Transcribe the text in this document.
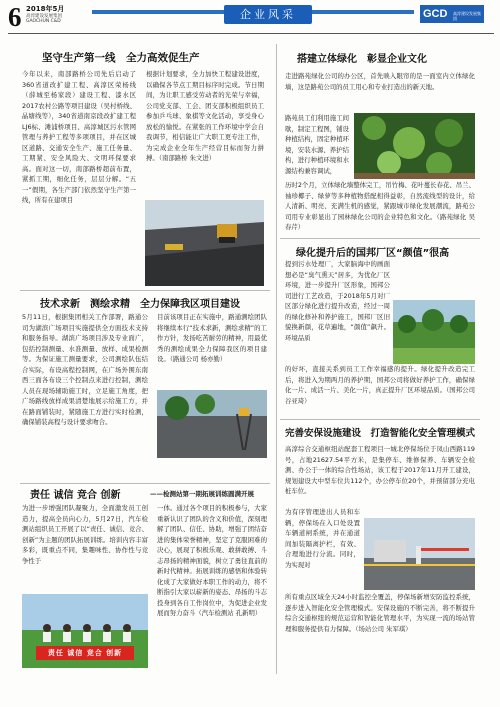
6 2018年5月
高淳建设发展集团
GAOCHUN C&D
企业风采	GCD 高淳建设发展集团
坚守生产第一线　全力高效促生产
今年以来，南部路桥公司先后启动了360省道改扩建工程、高淳区荣杨线（薛城至杨家段）建设工程、漆水区2017农村公路等项目建设（吴村桥线、晶塘线等），340省道南京段改扩建工程LJ6标、滩浦桥项目、高淳城区污水管网管理与养护工程等多项项目，并在区城区道路、交通安全生产、施工任务量、工期紧、安全风险大、文明环保要求高。面对这一切，南部路桥超前布置，紧抓工期，细化任务，层层分解。“五一”假期，各生产部门依然坚守生产第一线，所有在建项目
根据计划要求，全力加快工程建设进度，以确保各节点工期目标序时完成。节日期间，为让职工感受劳动者的光荣与幸福，公司党支部、工会、团支部积极组织员工参加乒乓球、象棋等文化活动，享受身心放松的愉悦。在紧张的工作环境中学会自我调节，相信能让广大职工更专注工作，为完成企业全年生产经营目标而努力拼搏。（南部路桥 朱文进）
搭建立体绿化　彰显企业文化
走进路苑绿化公司的办公区，首先映入眼帘的是一面室内立体绿化墙，这是路苑公司的员工用心和专业打造出的新天地。
路苑员工们利用施工间歇，制定工程图，铺设种植结构，固定种植环境，安装水源、养护结构，进行种植环境和水源结构兼容调试，
历时2个月，立体绿化墙整体完工，吊竹梅、花叶蔓长春花、吊兰、袖珍椰子、绿萝等多种植物搭配相得益彰，自然流线型的设计，给人清新、明亮、充满生机的感觉，紧跟城市绿化发展潮流，路苑公司用专业彰显出了园林绿化公司的企业特色和文化。（路苑绿化 吴春芹）
绿化提升后的国邦厂区“颜值”很高
提到污水处理厂，大家脑海中的画面想必是“臭气熏天”居多，为优化厂区环境，进一步提升厂区形象，国邦公司进行工艺改造，于2018年5月对厂区部分绿化进行提升改造，经过一周的绿化修补和养护施工，国邦厂区旧貌换新颜，花草遍地，“颜值”飙升。环境品质
的好坏，直接关系到员工工作幸福感的提升。绿化提升改造完工后，将进入为期两月的养护期，国邦公司将做好养护工作，确保绿化一片、成活一片、美化一片，真正提升厂区环境品质。（国邦公司 谷亚琦）
完善安保设施建设　打造智能化安全管理模式
高淳综合交通枢纽站配套工程项目一城北停保场位于凤山西路119号，占地21627.54平方米，是集停车、维修保养、车辆安全检测、办公于一体的综合性场站，该工程于2017年11月开工建设，规划建设大中型车位共112个，办公停车位20个，并预留部分充电桩车位。
为有序管理进出人员和车辆，停保场在入口处设置车辆道闸系统，并在通道间加装隔离护栏，有效、合理地进行分流。同时，为实现对
所有重点区域全天24小时监控全覆盖，停保场新增安防监控系统，逐步进入智能化安全管理模式。安保设施的不断完善，将不断提升综合交通枢纽的规范运营和智能化管理水平，为实现一流的场站管理和服务提供有力保障。（场站公司 朱军琪）
技术求新　测绘求精　全力保障我区项目建设
5月11日，根据集团相关工作部署，路通公司为湖滨广场项目实施提供全方面技术支持和服务指导。湖滨广场项目涉及专业面广，包括控制测量、水准测量、放样、成果检测等。为保证施工测量要求，公司测绘队伍结合实际，布设高程控制网，在广场外围东南西三面各布设三个控制点来进行控制，测绘人员在现场辅助施工时，立足施工角度，把广场路线放样成果清楚地展示给施工方，并在路面铺装时，紧随施工方进行实时检测，确保铺装高程与设计要求吻合。
目前该项目正在实施中，路通测绘团队将继续本行“技术求新，测绘求精”的工作方针，发扬吃苦耐劳的精神，用最优秀的测绘成果全力保障我区的项目建设。（路通公司 杨亦勤）
责任 诚信 竞合 创新	——检测站第一期拓展训练圆满开展
为进一步增强团队凝聚力，全面激发员工创造力，提高全员向心力，5月27日，汽车检测站组织员工开展了以“责任、诚信、竞合、创新”为主题的团队拓展训练。培训内容丰富多彩，既重点不同，集趣味性、协作性与竞争性于
责任 诚信 竞合 创新
一体。通过各个项目的积极参与，大家重新认识了团队的含义和价值，深刻理解了团队、信任、协助，增强了团结奋进的集体荣誉精神，坚定了克服困难的决心，展现了积极乐观、敢拼敢搏、斗志昂扬的精神面貌，树立了勇往直前的新时代精神。拓展训练的感悟和体验转化成了大家做好本职工作的动力，将不断指引大家以崭新的姿态、昂扬的斗志投身到各自工作岗位中，为促进企业发展而努力奋斗（汽车检测站 孔新明）
